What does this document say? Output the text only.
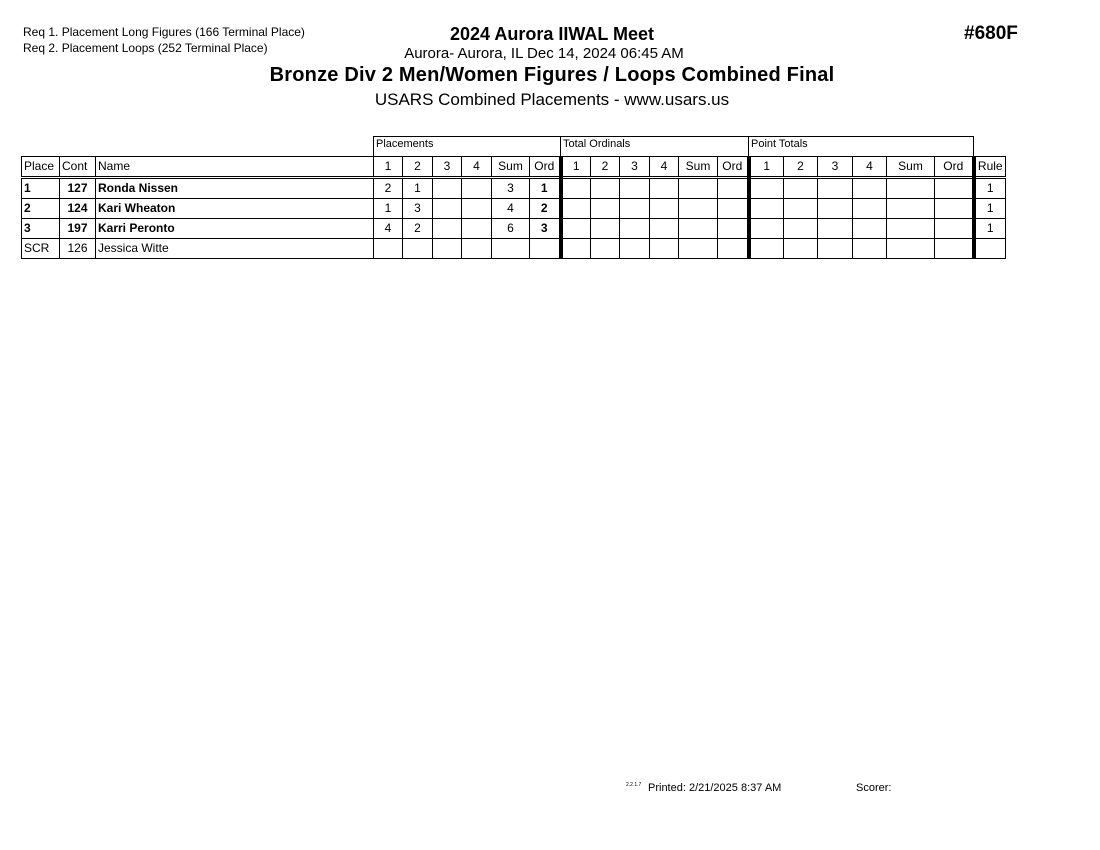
Req 1. Placement Long Figures (166 Terminal Place)
Req 2. Placement Loops (252 Terminal Place)
2024 Aurora IIWAL Meet
Aurora- Aurora, IL Dec 14, 2024 06:45 AM
Bronze Div 2 Men/Women Figures / Loops Combined Final
USARS Combined Placements - www.usars.us
#680F
			Placements						Total Ordinals						Point Totals						
Place	Cont	Name	1	2	3	4	Sum	Ord	1	2	3	4	Sum	Ord	1	2	3	4	Sum	Ord	Rule
1	127	Ronda Nissen	2	1			3	1													1
2	124	Kari Wheaton	1	3			4	2													1
3	197	Karri Peronto	4	2			6	3													1
SCR	126	Jessica Witte																			
2.2.1.7 Printed: 2/21/2025 8:37 AM	Scorer:
